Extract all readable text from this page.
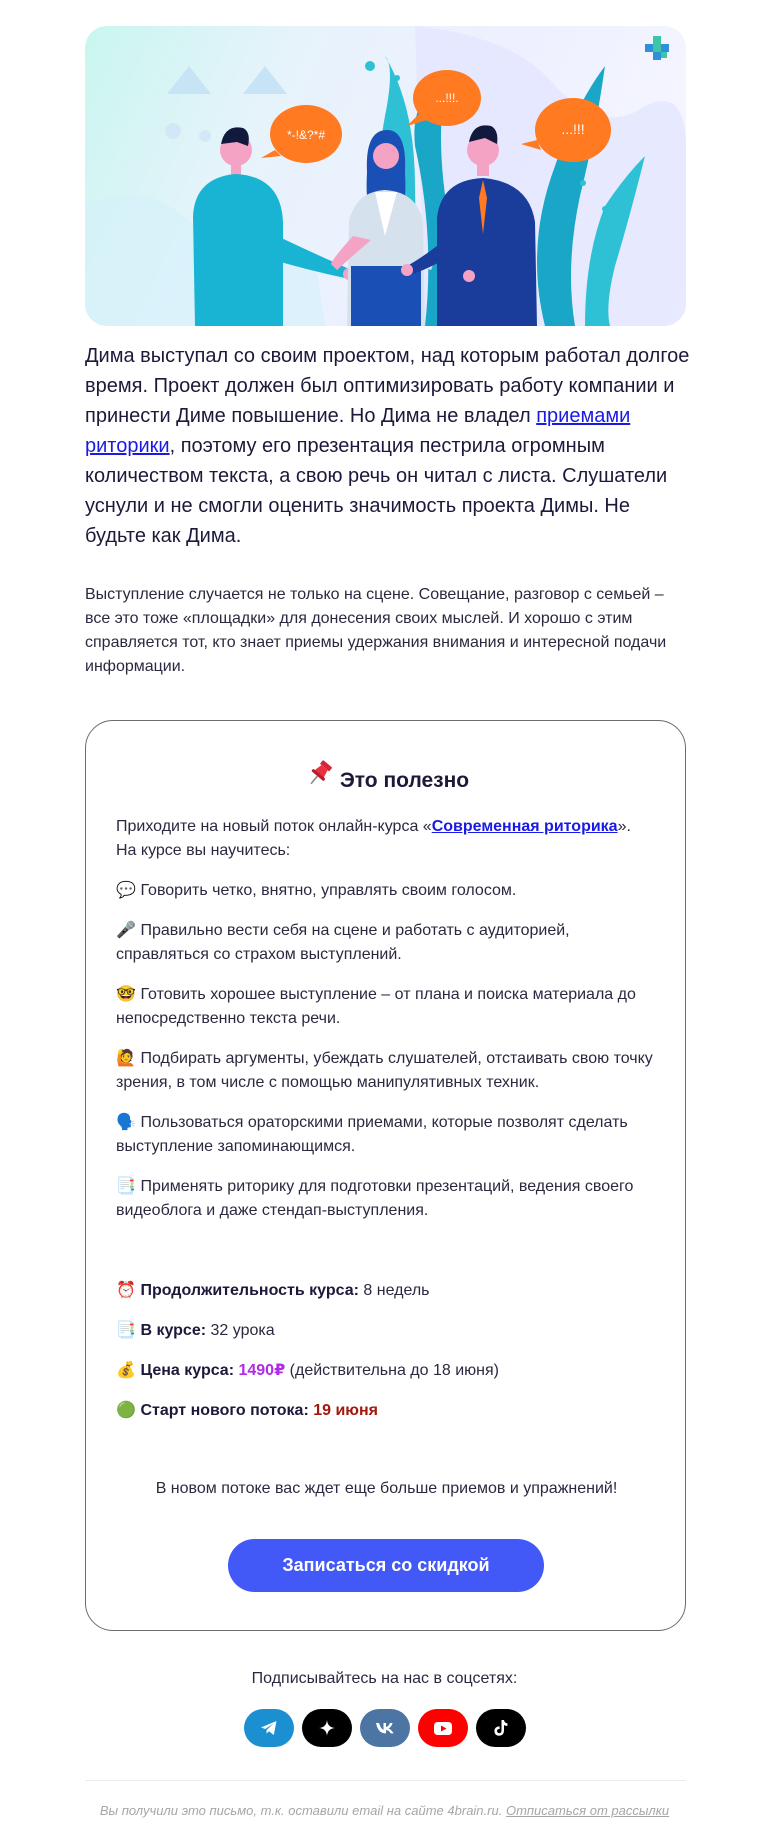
*-!&?*#
...!!!.
...!!!

Дима выступал со своим проектом, над которым работал долгое время. Проект должен был оптимизировать работу компании и принести Диме повышение. Но Дима не владел приемами риторики, поэтому его презентация пестрила огромным количеством текста, а свою речь он читал с листа. Слушатели уснули и не смогли оценить значимость проекта Димы. Не будьте как Дима.

Выступление случается не только на сцене. Совещание, разговор с семьей – все это тоже «площадки» для донесения своих мыслей. И хорошо с этим справляется тот, кто знает приемы удержания внимания и интересной подачи информации.

Это полезно

Приходите на новый поток онлайн-курса «Современная риторика».
На курсе вы научитесь:

💬 Говорить четко, внятно, управлять своим голосом.

🎤 Правильно вести себя на сцене и работать с аудиторией, справляться со страхом выступлений.

🤓 Готовить хорошее выступление – от плана и поиска материала до непосредственно текста речи.

🙋 Подбирать аргументы, убеждать слушателей, отстаивать свою точку зрения, в том числе с помощью манипулятивных техник.

🗣️ Пользоваться ораторскими приемами, которые позволят сделать выступление запоминающимся.

📑 Применять риторику для подготовки презентаций, ведения своего видеоблога и даже стендап-выступления.

⏰ Продолжительность курса: 8 недель

📑 В курсе: 32 урока

💰 Цена курса: 1490₽ (действительна до 18 июня)

🟢 Старт нового потока: 19 июня

В новом потоке вас ждет еще больше приемов и упражнений!

Записаться со скидкой

Подписывайтесь на нас в соцсетях:

Вы получили это письмо, т.к. оставили email на сайте 4brain.ru. Отписаться от рассылки
